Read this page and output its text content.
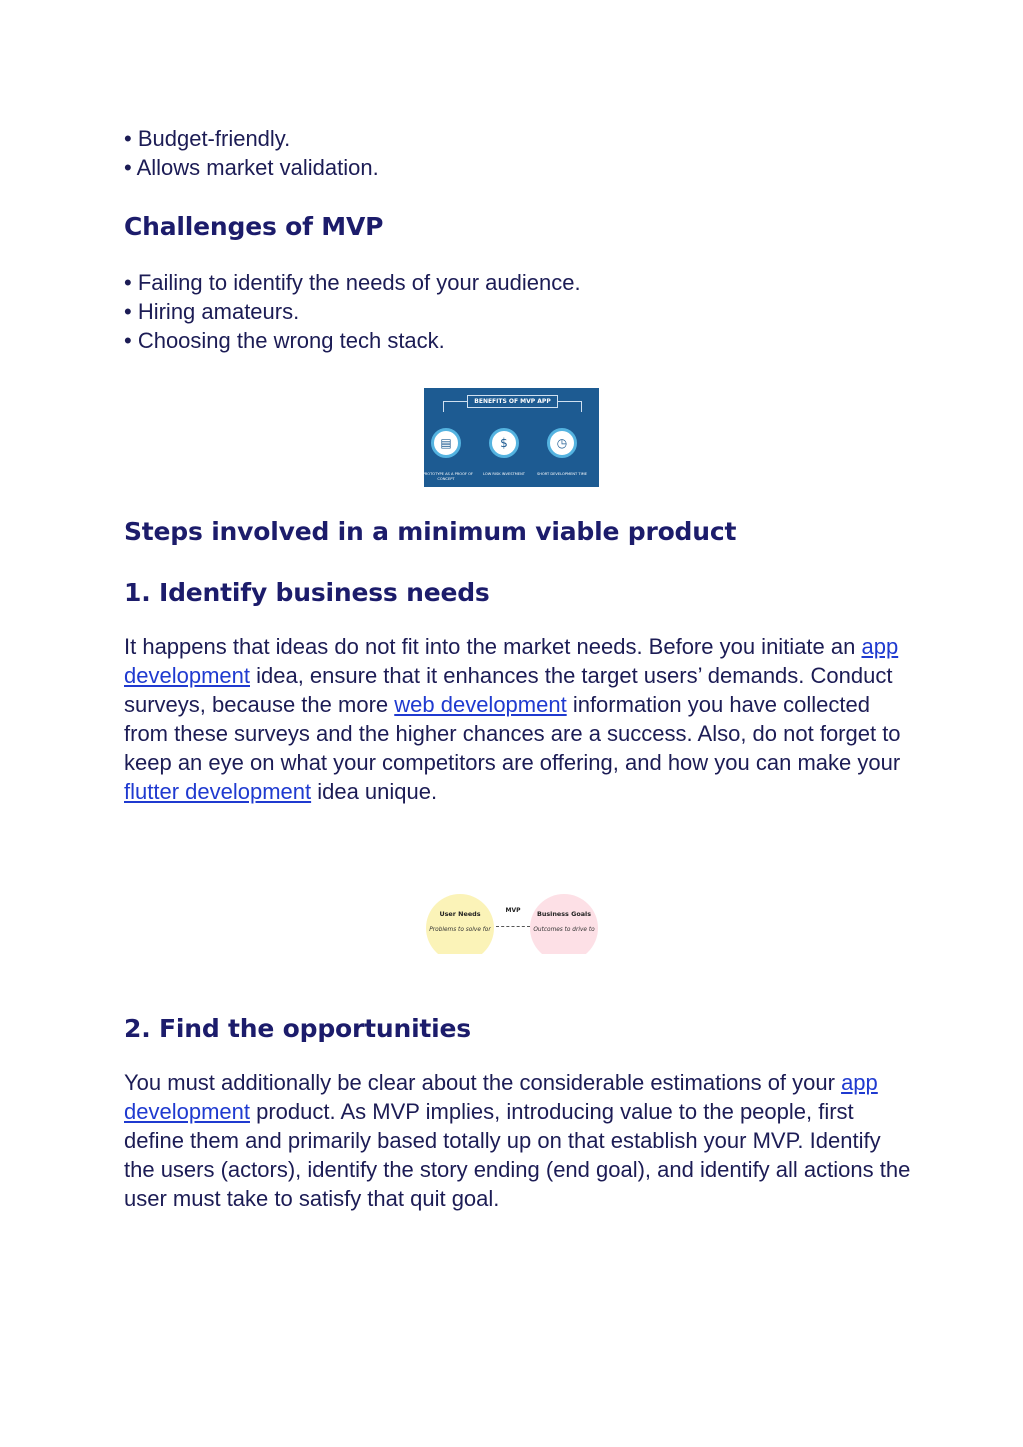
• Budget-friendly.
• Allows market validation.
Challenges of MVP
• Failing to identify the needs of your audience.
• Hiring amateurs.
• Choosing the wrong tech stack.
Steps involved in a minimum viable product
1. Identify business needs

It happens that ideas do not fit into the market needs. Before you initiate an app development idea, ensure that it enhances the target users’ demands. Conduct surveys, because the more web development information you have collected from these surveys and the higher chances are a success. Also, do not forget to keep an eye on what your competitors are offering, and how you can make your flutter development idea unique.

2. Find the opportunities

You must additionally be clear about the considerable estimations of your app development product. As MVP implies, introducing value to the people, first define them and primarily based totally up on that establish your MVP. Identify the users (actors), identify the story ending (end goal), and identify all actions the user must take to satisfy that quit goal.

BENEFITS OF MVP APP
▤	$	◷
A PROTOTYPE AS A PROOF OF CONCEPT
LOW RISK INVESTMENT	SHORT DEVELOPMENT TIME
User Needs
Problems to solve for
MVP	Business Goals
Outcomes to drive to
